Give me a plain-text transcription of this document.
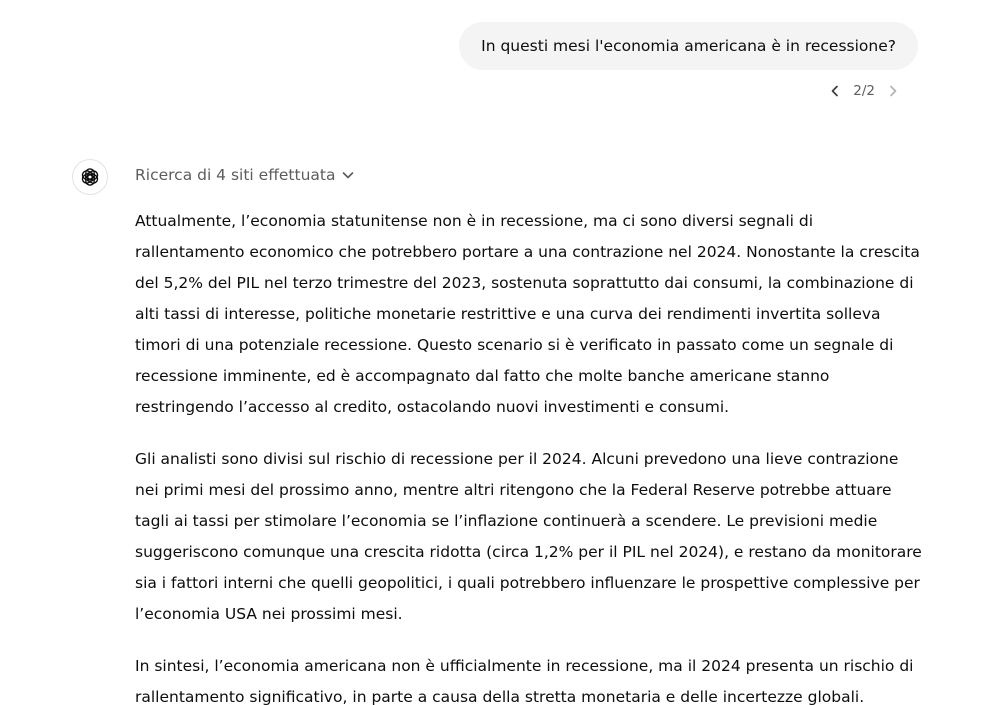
In questi mesi l'economia americana è in recessione?
2/2
Ricerca di 4 siti effettuata

Attualmente, l’economia statunitense non è in recessione, ma ci sono diversi segnali di rallentamento economico che potrebbero portare a una contrazione nel 2024. Nonostante la crescita del 5,2% del PIL nel terzo trimestre del 2023, sostenuta soprattutto dai consumi, la combinazione di alti tassi di interesse, politiche monetarie restrittive e una curva dei rendimenti invertita solleva timori di una potenziale recessione. Questo scenario si è verificato in passato come un segnale di recessione imminente, ed è accompagnato dal fatto che molte banche americane stanno restringendo l’accesso al credito, ostacolando nuovi investimenti e consumi.

Gli analisti sono divisi sul rischio di recessione per il 2024. Alcuni prevedono una lieve contrazione nei primi mesi del prossimo anno, mentre altri ritengono che la Federal Reserve potrebbe attuare tagli ai tassi per stimolare l’economia se l’inflazione continuerà a scendere. Le previsioni medie suggeriscono comunque una crescita ridotta (circa 1,2% per il PIL nel 2024), e restano da monitorare sia i fattori interni che quelli geopolitici, i quali potrebbero influenzare le prospettive complessive per l’economia USA nei prossimi mesi.

In sintesi, l’economia americana non è ufficialmente in recessione, ma il 2024 presenta un rischio di rallentamento significativo, in parte a causa della stretta monetaria e delle incertezze globali.
